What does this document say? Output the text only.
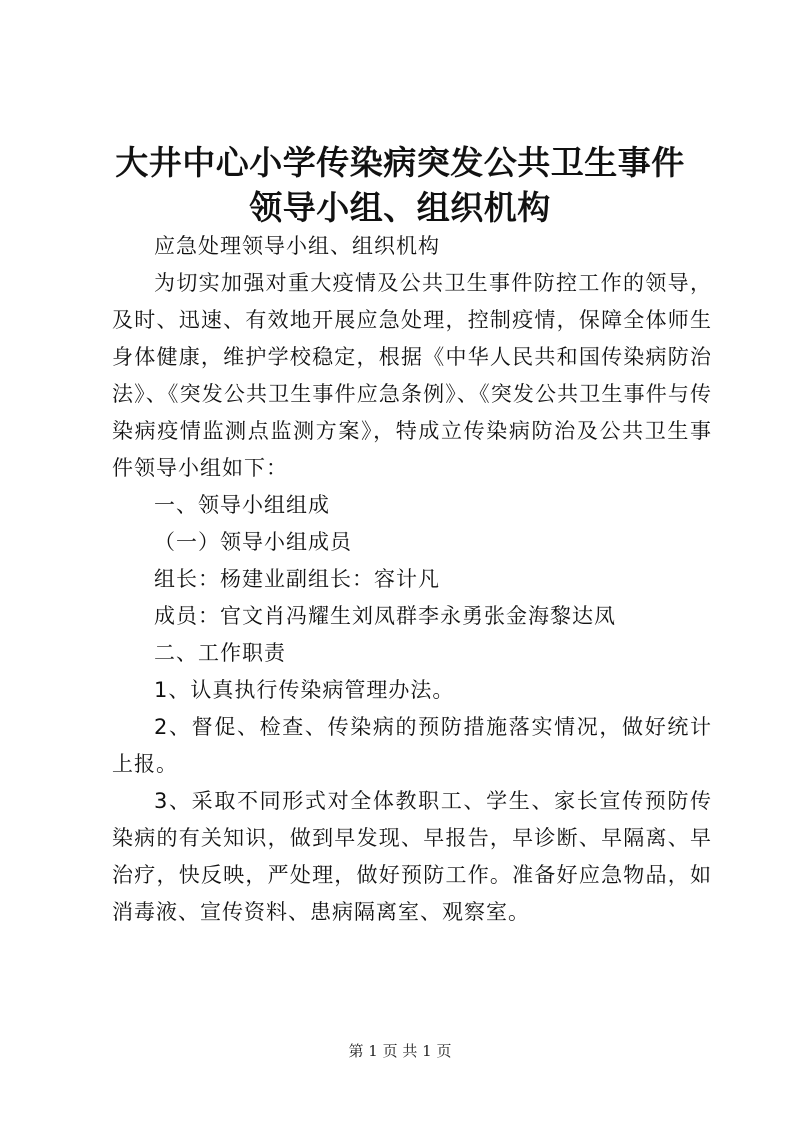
大井中心小学传染病突发公共卫生事件领导小组、组织机构

应急处理领导小组、组织机构

为切实加强对重大疫情及公共卫生事件防控工作的领导，及时、迅速、有效地开展应急处理，控制疫情，保障全体师生身体健康，维护学校稳定，根据《中华人民共和国传染病防治法》、《突发公共卫生事件应急条例》、《突发公共卫生事件与传染病疫情监测点监测方案》，特成立传染病防治及公共卫生事件领导小组如下：

一、领导小组组成

（一）领导小组成员

组长：杨建业副组长：容计凡

成员：官文肖冯耀生刘凤群李永勇张金海黎达凤

二、工作职责

1、认真执行传染病管理办法。

2、督促、检查、传染病的预防措施落实情况，做好统计上报。

3、采取不同形式对全体教职工、学生、家长宣传预防传染病的有关知识，做到早发现、早报告，早诊断、早隔离、早治疗，快反映，严处理，做好预防工作。准备好应急物品，如消毒液、宣传资料、患病隔离室、观察室。

第 1 页 共 1 页
